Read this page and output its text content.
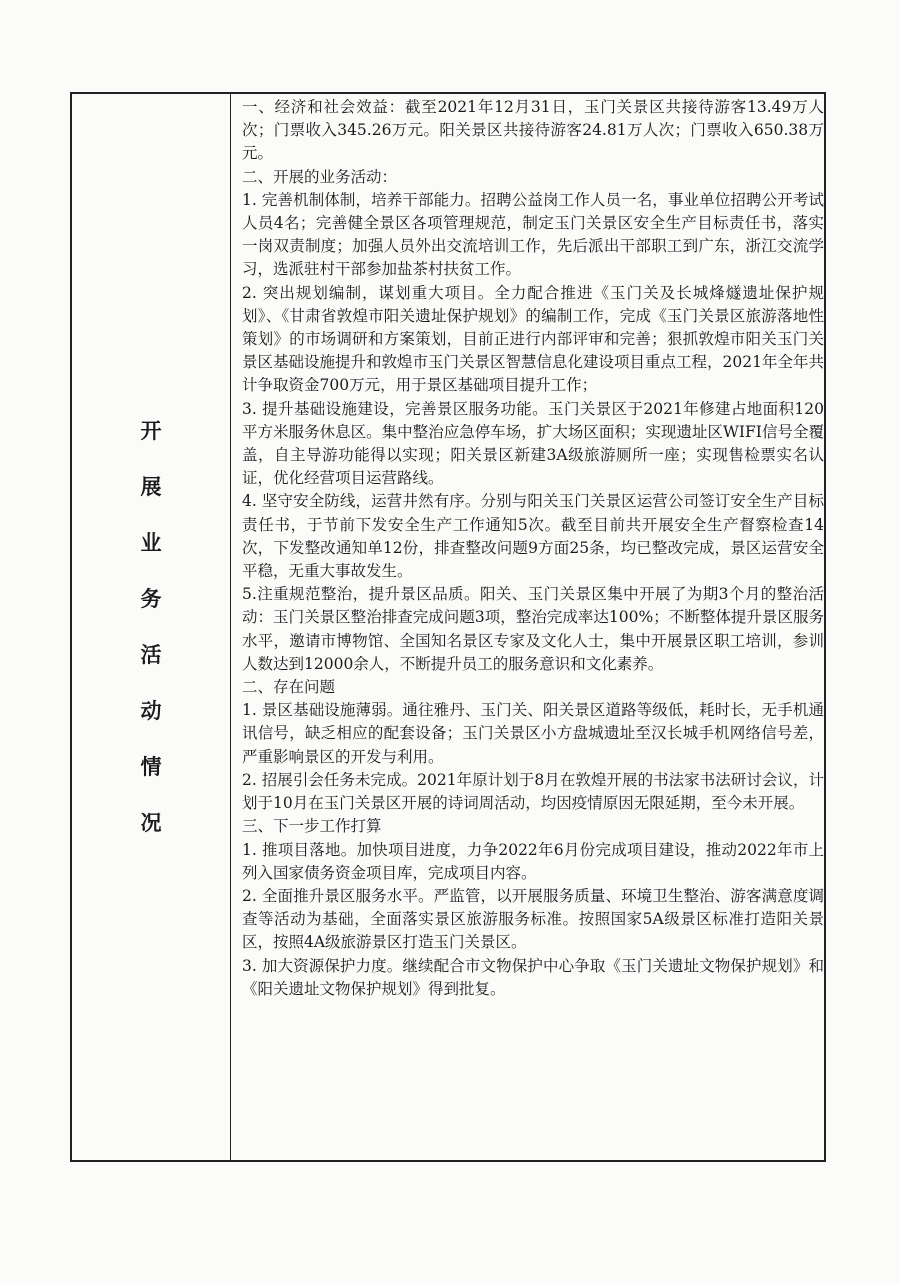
开
展
业
务
活
动
情
况

一、经济和社会效益：截至2021年12月31日，玉门关景区共接待游客13.49万人次；门票收入345.26万元。阳关景区共接待游客24.81万人次；门票收入650.38万元。

二、开展的业务活动：

1. 完善机制体制，培养干部能力。招聘公益岗工作人员一名，事业单位招聘公开考试人员4名；完善健全景区各项管理规范，制定玉门关景区安全生产目标责任书，落实一岗双责制度；加强人员外出交流培训工作，先后派出干部职工到广东，浙江交流学习，选派驻村干部参加盐茶村扶贫工作。

2. 突出规划编制，谋划重大项目。全力配合推进《玉门关及长城烽燧遗址保护规划》、《甘肃省敦煌市阳关遗址保护规划》的编制工作，完成《玉门关景区旅游落地性策划》的市场调研和方案策划，目前正进行内部评审和完善；狠抓敦煌市阳关玉门关景区基础设施提升和敦煌市玉门关景区智慧信息化建设项目重点工程，2021年全年共计争取资金700万元，用于景区基础项目提升工作；

3. 提升基础设施建设，完善景区服务功能。玉门关景区于2021年修建占地面积120平方米服务休息区。集中整治应急停车场，扩大场区面积；实现遗址区WIFI信号全覆盖，自主导游功能得以实现；阳关景区新建3A级旅游厕所一座；实现售检票实名认证，优化经营项目运营路线。

4. 坚守安全防线，运营井然有序。分别与阳关玉门关景区运营公司签订安全生产目标责任书，于节前下发安全生产工作通知5次。截至目前共开展安全生产督察检查14次，下发整改通知单12份，排查整改问题9方面25条，均已整改完成，景区运营安全平稳，无重大事故发生。

5.注重规范整治，提升景区品质。阳关、玉门关景区集中开展了为期3个月的整治活动：玉门关景区整治排查完成问题3项，整治完成率达100%；不断整体提升景区服务水平，邀请市博物馆、全国知名景区专家及文化人士，集中开展景区职工培训，参训人数达到12000余人，不断提升员工的服务意识和文化素养。

二、存在问题

1. 景区基础设施薄弱。通往雅丹、玉门关、阳关景区道路等级低，耗时长，无手机通讯信号，缺乏相应的配套设备；玉门关景区小方盘城遗址至汉长城手机网络信号差，严重影响景区的开发与利用。

2. 招展引会任务未完成。2021年原计划于8月在敦煌开展的书法家书法研讨会议，计划于10月在玉门关景区开展的诗词周活动，均因疫情原因无限延期，至今未开展。

三、下一步工作打算

1. 推项目落地。加快项目进度，力争2022年6月份完成项目建设，推动2022年市上列入国家债务资金项目库，完成项目内容。

2. 全面推升景区服务水平。严监管，以开展服务质量、环境卫生整治、游客满意度调查等活动为基础，全面落实景区旅游服务标准。按照国家5A级景区标准打造阳关景区，按照4A级旅游景区打造玉门关景区。

3. 加大资源保护力度。继续配合市文物保护中心争取《玉门关遗址文物保护规划》和《阳关遗址文物保护规划》得到批复。
